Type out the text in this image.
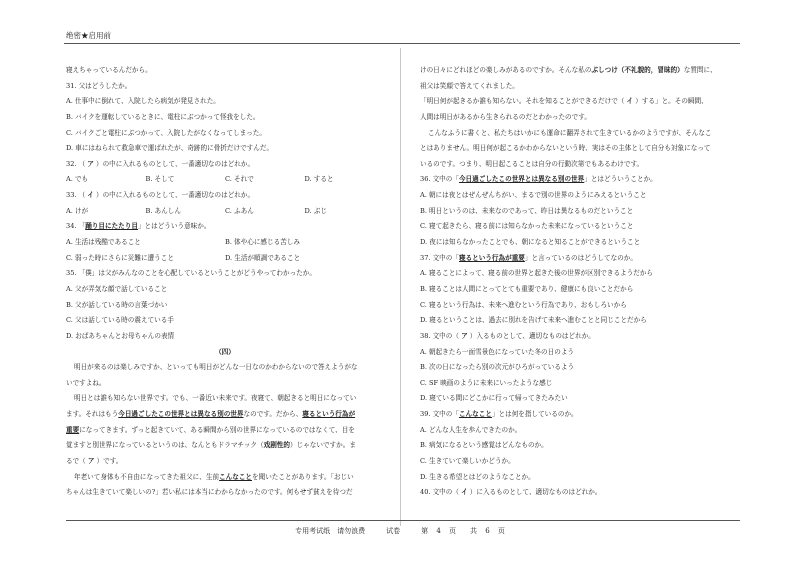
绝密★启用前
寝えちゃっているんだから。
31. 父はどうしたか。
A. 仕事中に倒れて、入院したら病気が発見された。
B. バイクを運転しているときに、電柱にぶつかって怪我をした。
C. バイクごと電柱にぶつかって、入院したがなくなってしまった。
D. 車にはねられて救急車で運ばれたが、奇跡的に骨折だけですんだ。
32. （ ア ）の中に入れるものとして、一番適切なのはどれか。
A. でも	B. そして	C. それで	D. すると
33. （ イ ）の中に入れるものとして、一番適切なのはどれか。
A. けが	B. あんしん	C. ふあん	D. ぶじ
34. 「踊り目にたたり目」とはどういう意味か。
A. 生活は残酷であること	B. 体や心に感じる苦しみ
C. 弱った時にさらに災難に遭うこと	D. 生活が順調であること
35. 「僕」は父がみんなのことを心配しているということがどうやってわかったか。
A. 父が弄気な顔で話していること
B. 父が話している時の言葉づかい
C. 父は話している時の震えている手
D. おばあちゃんとお母ちゃんの表情
（四）
明日が来るのは楽しみですか、といっても明日がどんな一日なのかわからないので答えようがな
いですよね。
明日とは誰も知らない世界です。でも、一番近い未来です。夜寝て、朝起きると明日になってい
ます。それはもう今日過ごしたこの世界とは異なる別の世界なのです。だから、寝るという行為が
重要になってきます。ずっと起きていて、ある瞬間から別の世界になっているのではなくて、目を
覚ますと別世界になっているというのは、なんともドラマチック（戏剧性的）じゃないですか。ま
るで（ ア ）です。
年老いて身体も不自由になってきた祖父に、生前こんなことを聞いたことがあります。「おじい
ちゃんは生きていて楽しいの?」若い私には本当にわからなかったのです。何もせず貧えを待つだ
けの日々にどれほどの楽しみがあるのですか。そんな私のぶしつけ（不礼貌的，冒昧的）な質問に、
祖父は笑顔で答えてくれました。
「明日何が起きるか誰も知らない。それを知ることができるだけで（ イ ）する」と。その瞬間、
人間は明日があるから生きられるのだとわかったのです。
こんなふうに書くと、私たちはいかにも運命に翻弄されて生きているかのようですが、そんなこ
とはありません。明日何が起こるかわからないという時、実はその主体として自分も対象になって
いるのです。つまり、明日起こることは自分の行動次第でもあるわけです。
36. 文中の「今日過ごしたこの世界とは異なる別の世界」とはどういうことか。
A. 朝には夜とはぜんぜんちがい、まるで別の世界のようにみえるということ
B. 明日というのは、未来なのであって、昨日は異なるものだということ
C. 寝て起きたら、寝る前には知らなかった未来になっているということ
D. 夜には知らなかったことでも、朝になると知ることができるということ
37. 文中の「寝るという行為が重要」と言っているのはどうしてなのか。
A. 寝ることによって、寝る前の世界と起きた後の世界が区別できるようだから
B. 寝ることは人間にとってとても重要であり、健康にも良いことだから
C. 寝るという行為は、未来へ進むという行為であり、おもしろいから
D. 寝るということは、過去に別れを告げて未来へ進むことと同じことだから
38. 文中の（ ア ）入るものとして、適切なものはどれか。
A. 朝起きたら一面雪景色になっていた冬の日のよう
B. 次の日になったら別の次元がひろがっているよう
C. SF 映画のように未来にいったような感じ
D. 寝ている間にどこかに行って帰ってきたみたい
39. 文中の「こんなこと」とは何を指しているのか。
A. どんな人生を歩んできたのか。
B. 病気になるという感覚はどんなものか。
C. 生きていて楽しいかどうか。
D. 生きる希望とはどのようなことか。
40. 文中の（ イ ）に入るものとして、適切なものはどれか。
专用考试纸　请勿浪费　　　试卷　　　第 4 页　　共 6 页
